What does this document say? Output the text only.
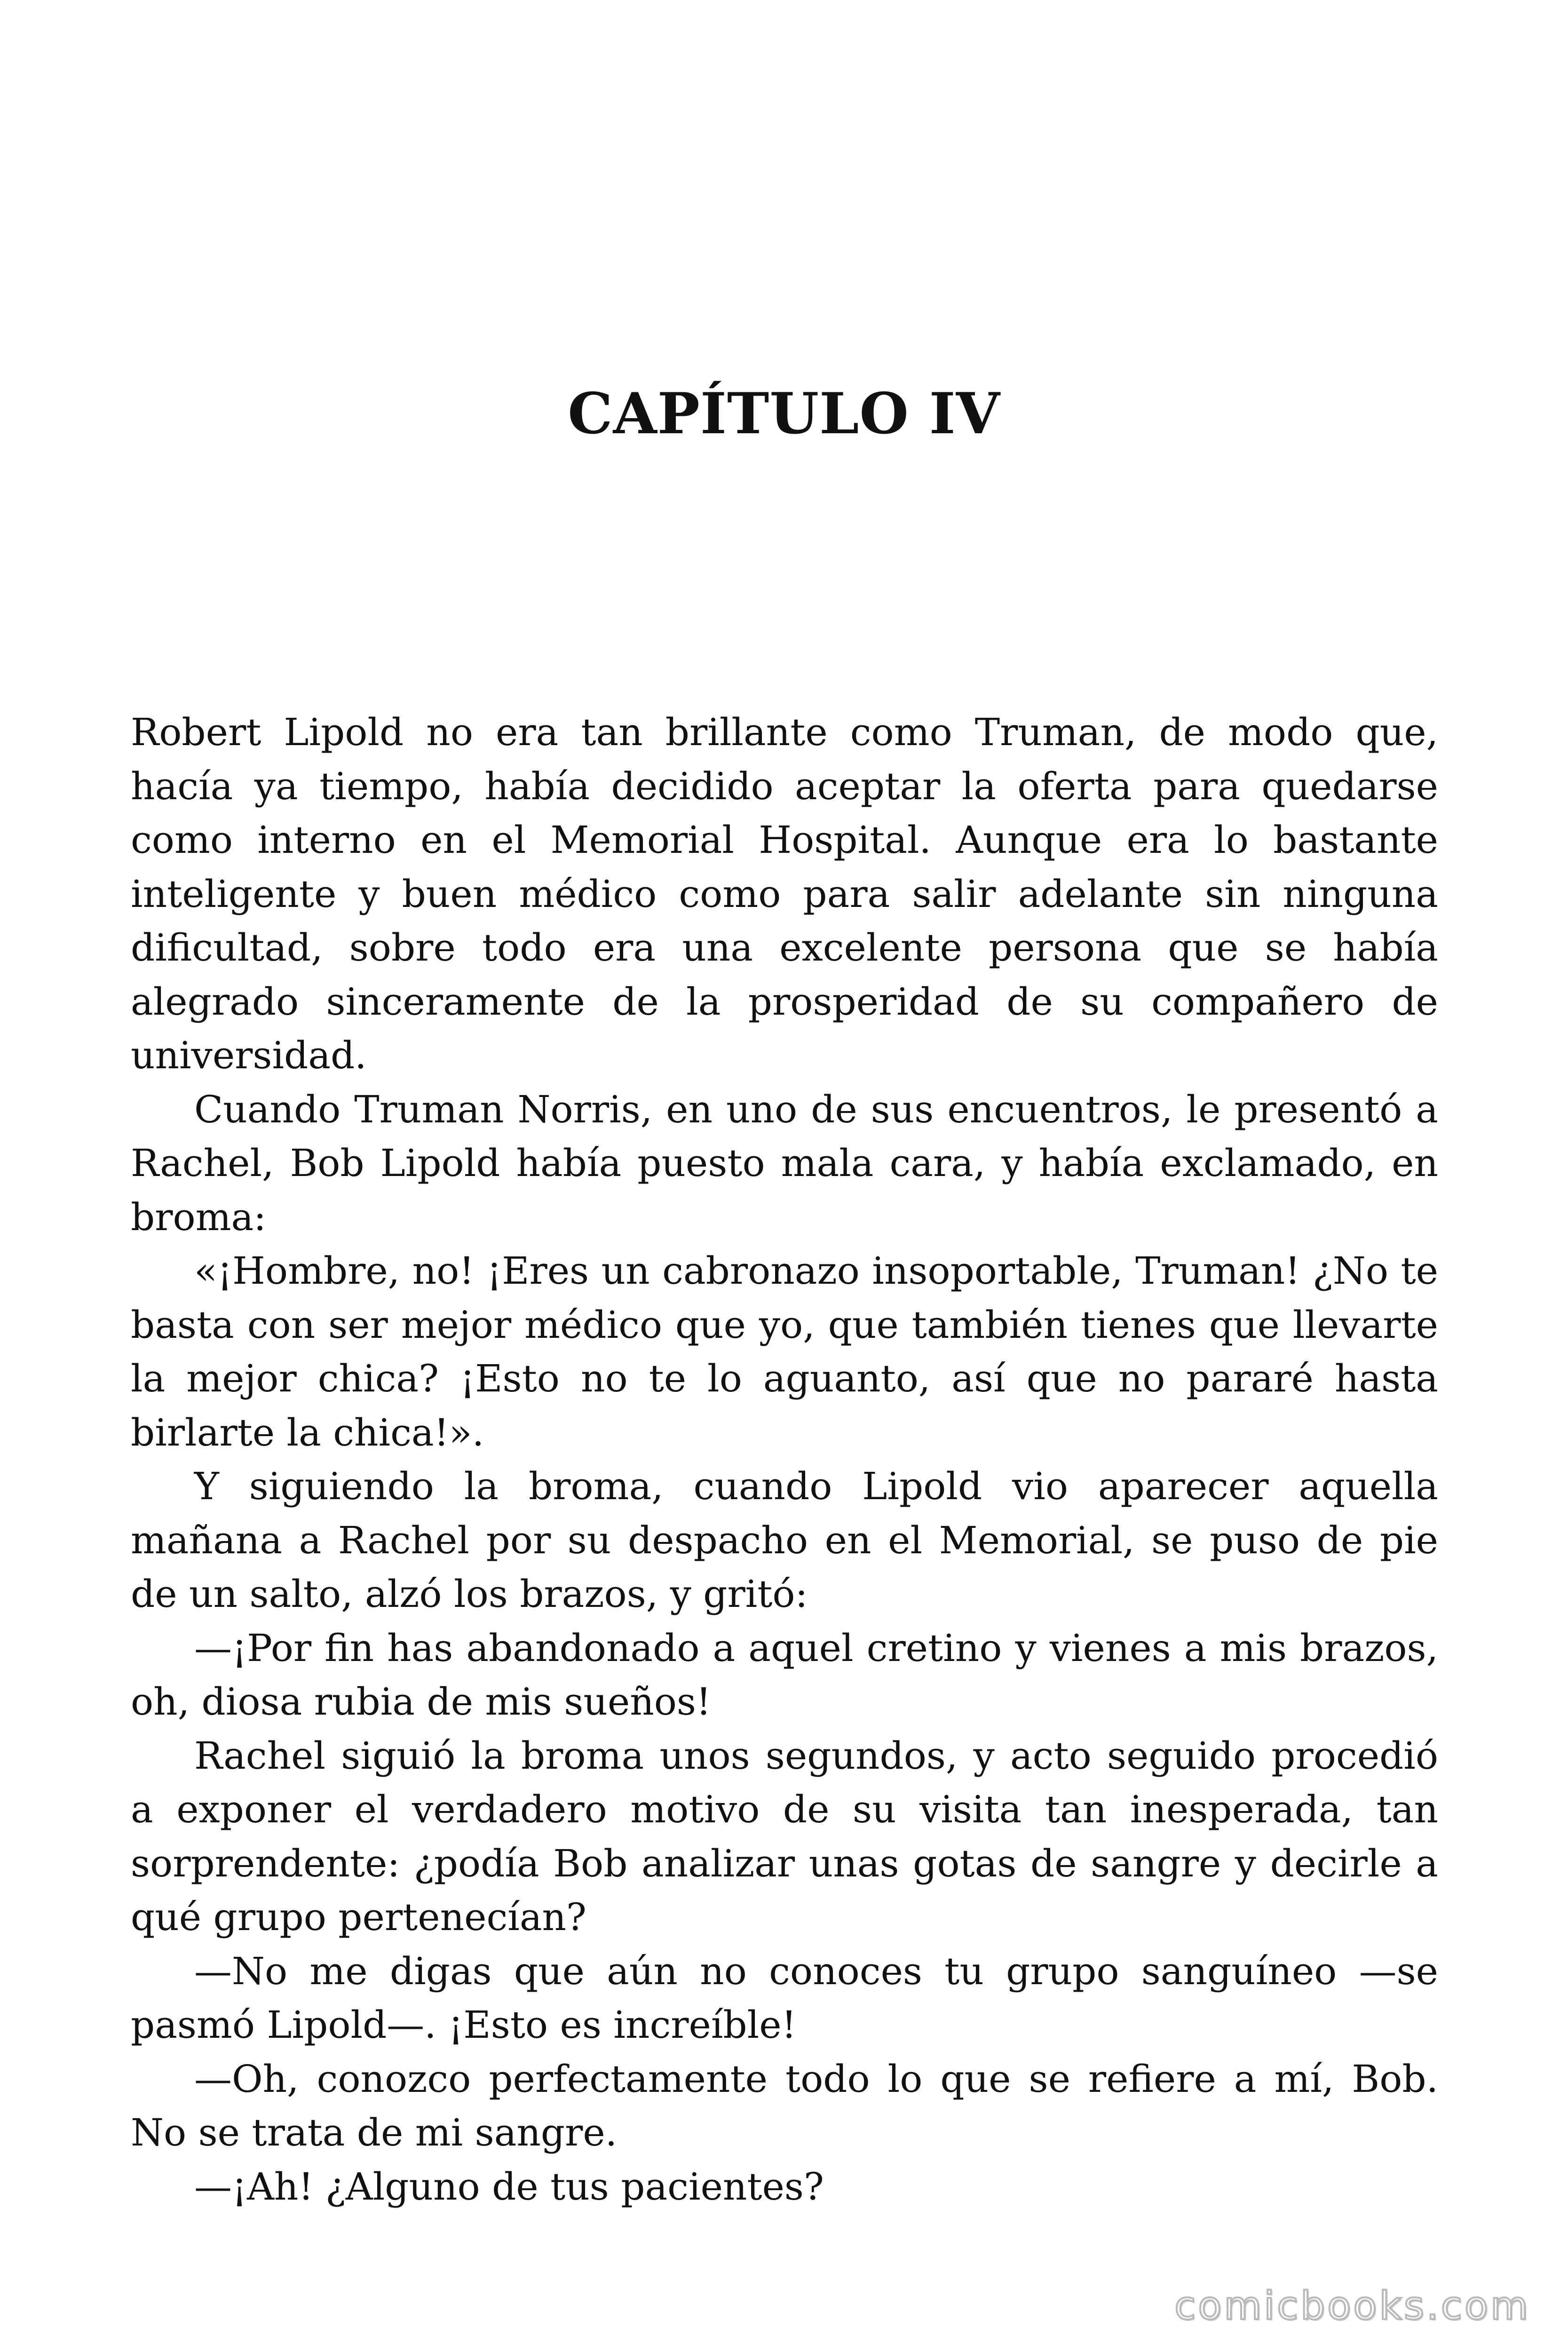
CAPÍTULO IV

Robert Lipold no era tan brillante como Truman, de modo que, hacía ya tiempo, había decidido aceptar la oferta para quedarse como interno en el Memorial Hospital. Aunque era lo bastante inteligente y buen médico como para salir adelante sin ninguna dificultad, sobre todo era una excelente persona que se había alegrado sinceramente de la prosperidad de su compañero de universidad.

Cuando Truman Norris, en uno de sus encuentros, le presentó a Rachel, Bob Lipold había puesto mala cara, y había exclamado, en broma:

«¡Hombre, no! ¡Eres un cabronazo insoportable, Truman! ¿No te basta con ser mejor médico que yo, que también tienes que llevarte la mejor chica? ¡Esto no te lo aguanto, así que no pararé hasta birlarte la chica!».

Y siguiendo la broma, cuando Lipold vio aparecer aquella mañana a Rachel por su despacho en el Memorial, se puso de pie de un salto, alzó los brazos, y gritó:

—¡Por fin has abandonado a aquel cretino y vienes a mis brazos, oh, diosa rubia de mis sueños!

Rachel siguió la broma unos segundos, y acto seguido procedió a exponer el verdadero motivo de su visita tan inesperada, tan sorprendente: ¿podía Bob analizar unas gotas de sangre y decirle a qué grupo pertenecían?

—No me digas que aún no conoces tu grupo sanguíneo —se pasmó Lipold—. ¡Esto es increíble!

—Oh, conozco perfectamente todo lo que se refiere a mí, Bob. No se trata de mi sangre.

—¡Ah! ¿Alguno de tus pacientes?

comicbooks.com
